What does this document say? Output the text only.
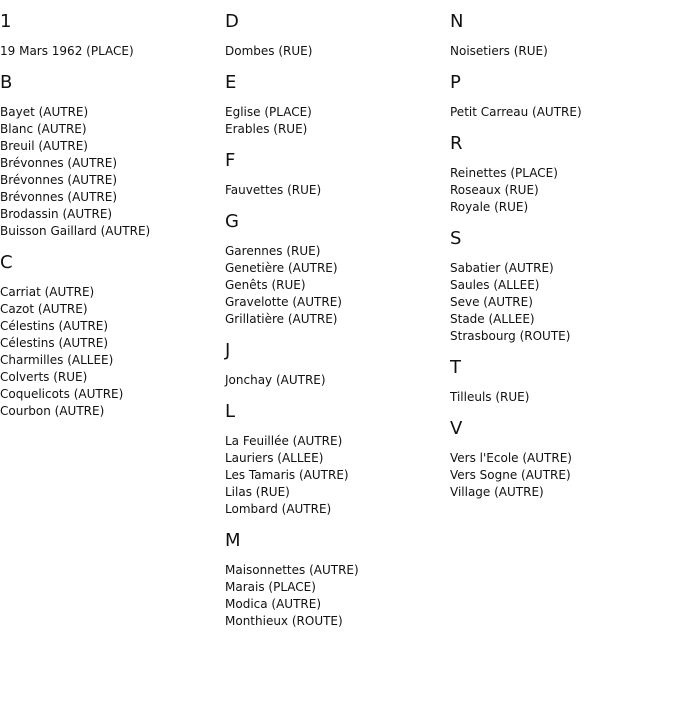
1
19 Mars 1962 (PLACE)
B
Bayet (AUTRE)
Blanc (AUTRE)
Breuil (AUTRE)
Brévonnes (AUTRE)
Brévonnes (AUTRE)
Brévonnes (AUTRE)
Brodassin (AUTRE)
Buisson Gaillard (AUTRE)
C
Carriat (AUTRE)
Cazot (AUTRE)
Célestins (AUTRE)
Célestins (AUTRE)
Charmilles (ALLEE)
Colverts (RUE)
Coquelicots (AUTRE)
Courbon (AUTRE)
D
Dombes (RUE)
E
Eglise (PLACE)
Erables (RUE)
F
Fauvettes (RUE)
G
Garennes (RUE)
Genetière (AUTRE)
Genêts (RUE)
Gravelotte (AUTRE)
Grillatière (AUTRE)
J
Jonchay (AUTRE)
L
La Feuillée (AUTRE)
Lauriers (ALLEE)
Les Tamaris (AUTRE)
Lilas (RUE)
Lombard (AUTRE)
M
Maisonnettes (AUTRE)
Marais (PLACE)
Modica (AUTRE)
Monthieux (ROUTE)
N
Noisetiers (RUE)
P
Petit Carreau (AUTRE)
R
Reinettes (PLACE)
Roseaux (RUE)
Royale (RUE)
S
Sabatier (AUTRE)
Saules (ALLEE)
Seve (AUTRE)
Stade (ALLEE)
Strasbourg (ROUTE)
T
Tilleuls (RUE)
V
Vers l'Ecole (AUTRE)
Vers Sogne (AUTRE)
Village (AUTRE)
